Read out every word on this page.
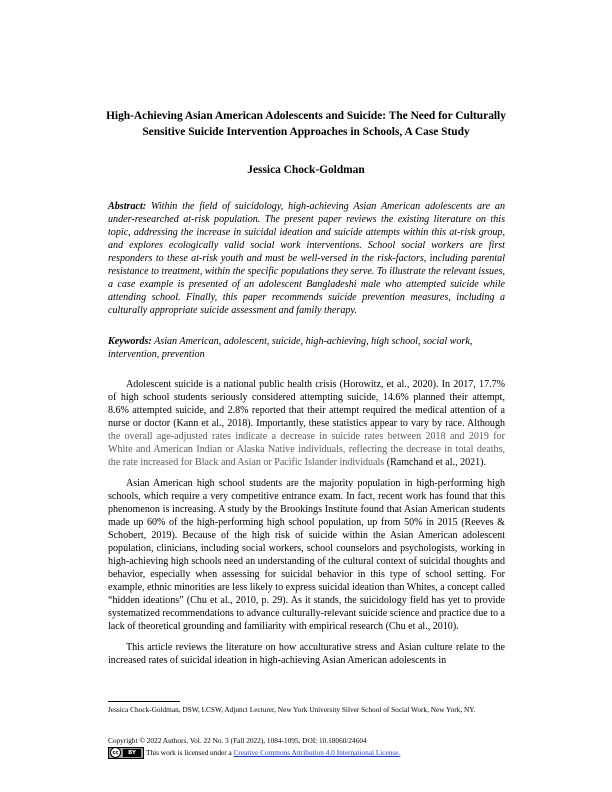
High-Achieving Asian American Adolescents and Suicide: The Need for Culturally Sensitive Suicide Intervention Approaches in Schools, A Case Study
Jessica Chock-Goldman
Abstract: Within the field of suicidology, high-achieving Asian American adolescents are an under-researched at-risk population. The present paper reviews the existing literature on this topic, addressing the increase in suicidal ideation and suicide attempts within this at-risk group, and explores ecologically valid social work interventions. School social workers are first responders to these at-risk youth and must be well-versed in the risk-factors, including parental resistance to treatment, within the specific populations they serve. To illustrate the relevant issues, a case example is presented of an adolescent Bangladeshi male who attempted suicide while attending school. Finally, this paper recommends suicide prevention measures, including a culturally appropriate suicide assessment and family therapy.
Keywords: Asian American, adolescent, suicide, high-achieving, high school, social work, intervention, prevention

Adolescent suicide is a national public health crisis (Horowitz, et al., 2020). In 2017, 17.7% of high school students seriously considered attempting suicide, 14.6% planned their attempt, 8.6% attempted suicide, and 2.8% reported that their attempt required the medical attention of a nurse or doctor (Kann et al., 2018). Importantly, these statistics appear to vary by race. Although the overall age-adjusted rates indicate a decrease in suicide rates between 2018 and 2019 for White and American Indian or Alaska Native individuals, reflecting the decrease in total deaths, the rate increased for Black and Asian or Pacific Islander individuals (Ramchand et al., 2021).

Asian American high school students are the majority population in high-performing high schools, which require a very competitive entrance exam. In fact, recent work has found that this phenomenon is increasing. A study by the Brookings Institute found that Asian American students made up 60% of the high-performing high school population, up from 50% in 2015 (Reeves & Schobert, 2019). Because of the high risk of suicide within the Asian American adolescent population, clinicians, including social workers, school counselors and psychologists, working in high-achieving high schools need an understanding of the cultural context of suicidal thoughts and behavior, especially when assessing for suicidal behavior in this type of school setting. For example, ethnic minorities are less likely to express suicidal ideation than Whites, a concept called “hidden ideations” (Chu et al., 2010, p. 29). As it stands, the suicidology field has yet to provide systematized recommendations to advance culturally-relevant suicide science and practice due to a lack of theoretical grounding and familiarity with empirical research (Chu et al., 2010).

This article reviews the literature on how acculturative stress and Asian culture relate to the increased rates of suicidal ideation in high-achieving Asian American adolescents in

Jessica Chock-Goldman, DSW, LCSW, Adjunct Lecturer, New York University Silver School of Social Work, New York, NY.
Copyright © 2022 Authors, Vol. 22 No. 3 (Fall 2022), 1084-1095, DOI: 10.18060/24604
cc	BY	This work is licensed under a Creative Commons Attribution 4.0 International License.
